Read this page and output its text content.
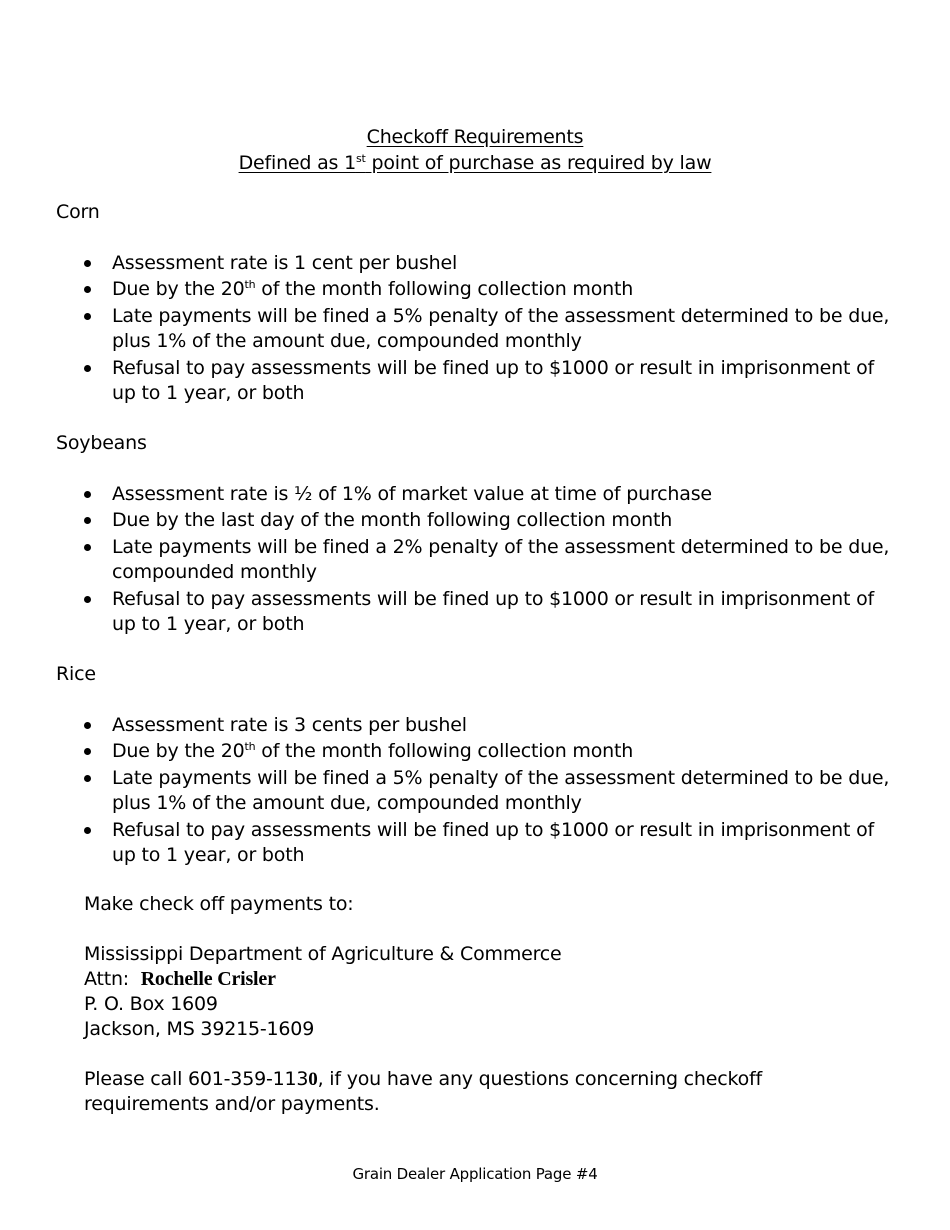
Checkoff Requirements
Defined as 1st point of purchase as required by law

Corn

Assessment rate is 1 cent per bushel
Due by the 20th of the month following collection month
Late payments will be fined a 5% penalty of the assessment determined to be due, plus 1% of the amount due, compounded monthly
Refusal to pay assessments will be fined up to $1000 or result in imprisonment of up to 1 year, or both

Soybeans

Assessment rate is ½ of 1% of market value at time of purchase
Due by the last day of the month following collection month
Late payments will be fined a 2% penalty of the assessment determined to be due, compounded monthly
Refusal to pay assessments will be fined up to $1000 or result in imprisonment of up to 1 year, or both

Rice

Assessment rate is 3 cents per bushel
Due by the 20th of the month following collection month
Late payments will be fined a 5% penalty of the assessment determined to be due, plus 1% of the amount due, compounded monthly
Refusal to pay assessments will be fined up to $1000 or result in imprisonment of up to 1 year, or both

Make check off payments to:

Mississippi Department of Agriculture & Commerce

Attn:  Rochelle Crisler

P. O. Box 1609

Jackson, MS 39215-1609

Please call 601-359-1130, if you have any questions concerning checkoff

requirements and/or payments.

Grain Dealer Application Page #4
